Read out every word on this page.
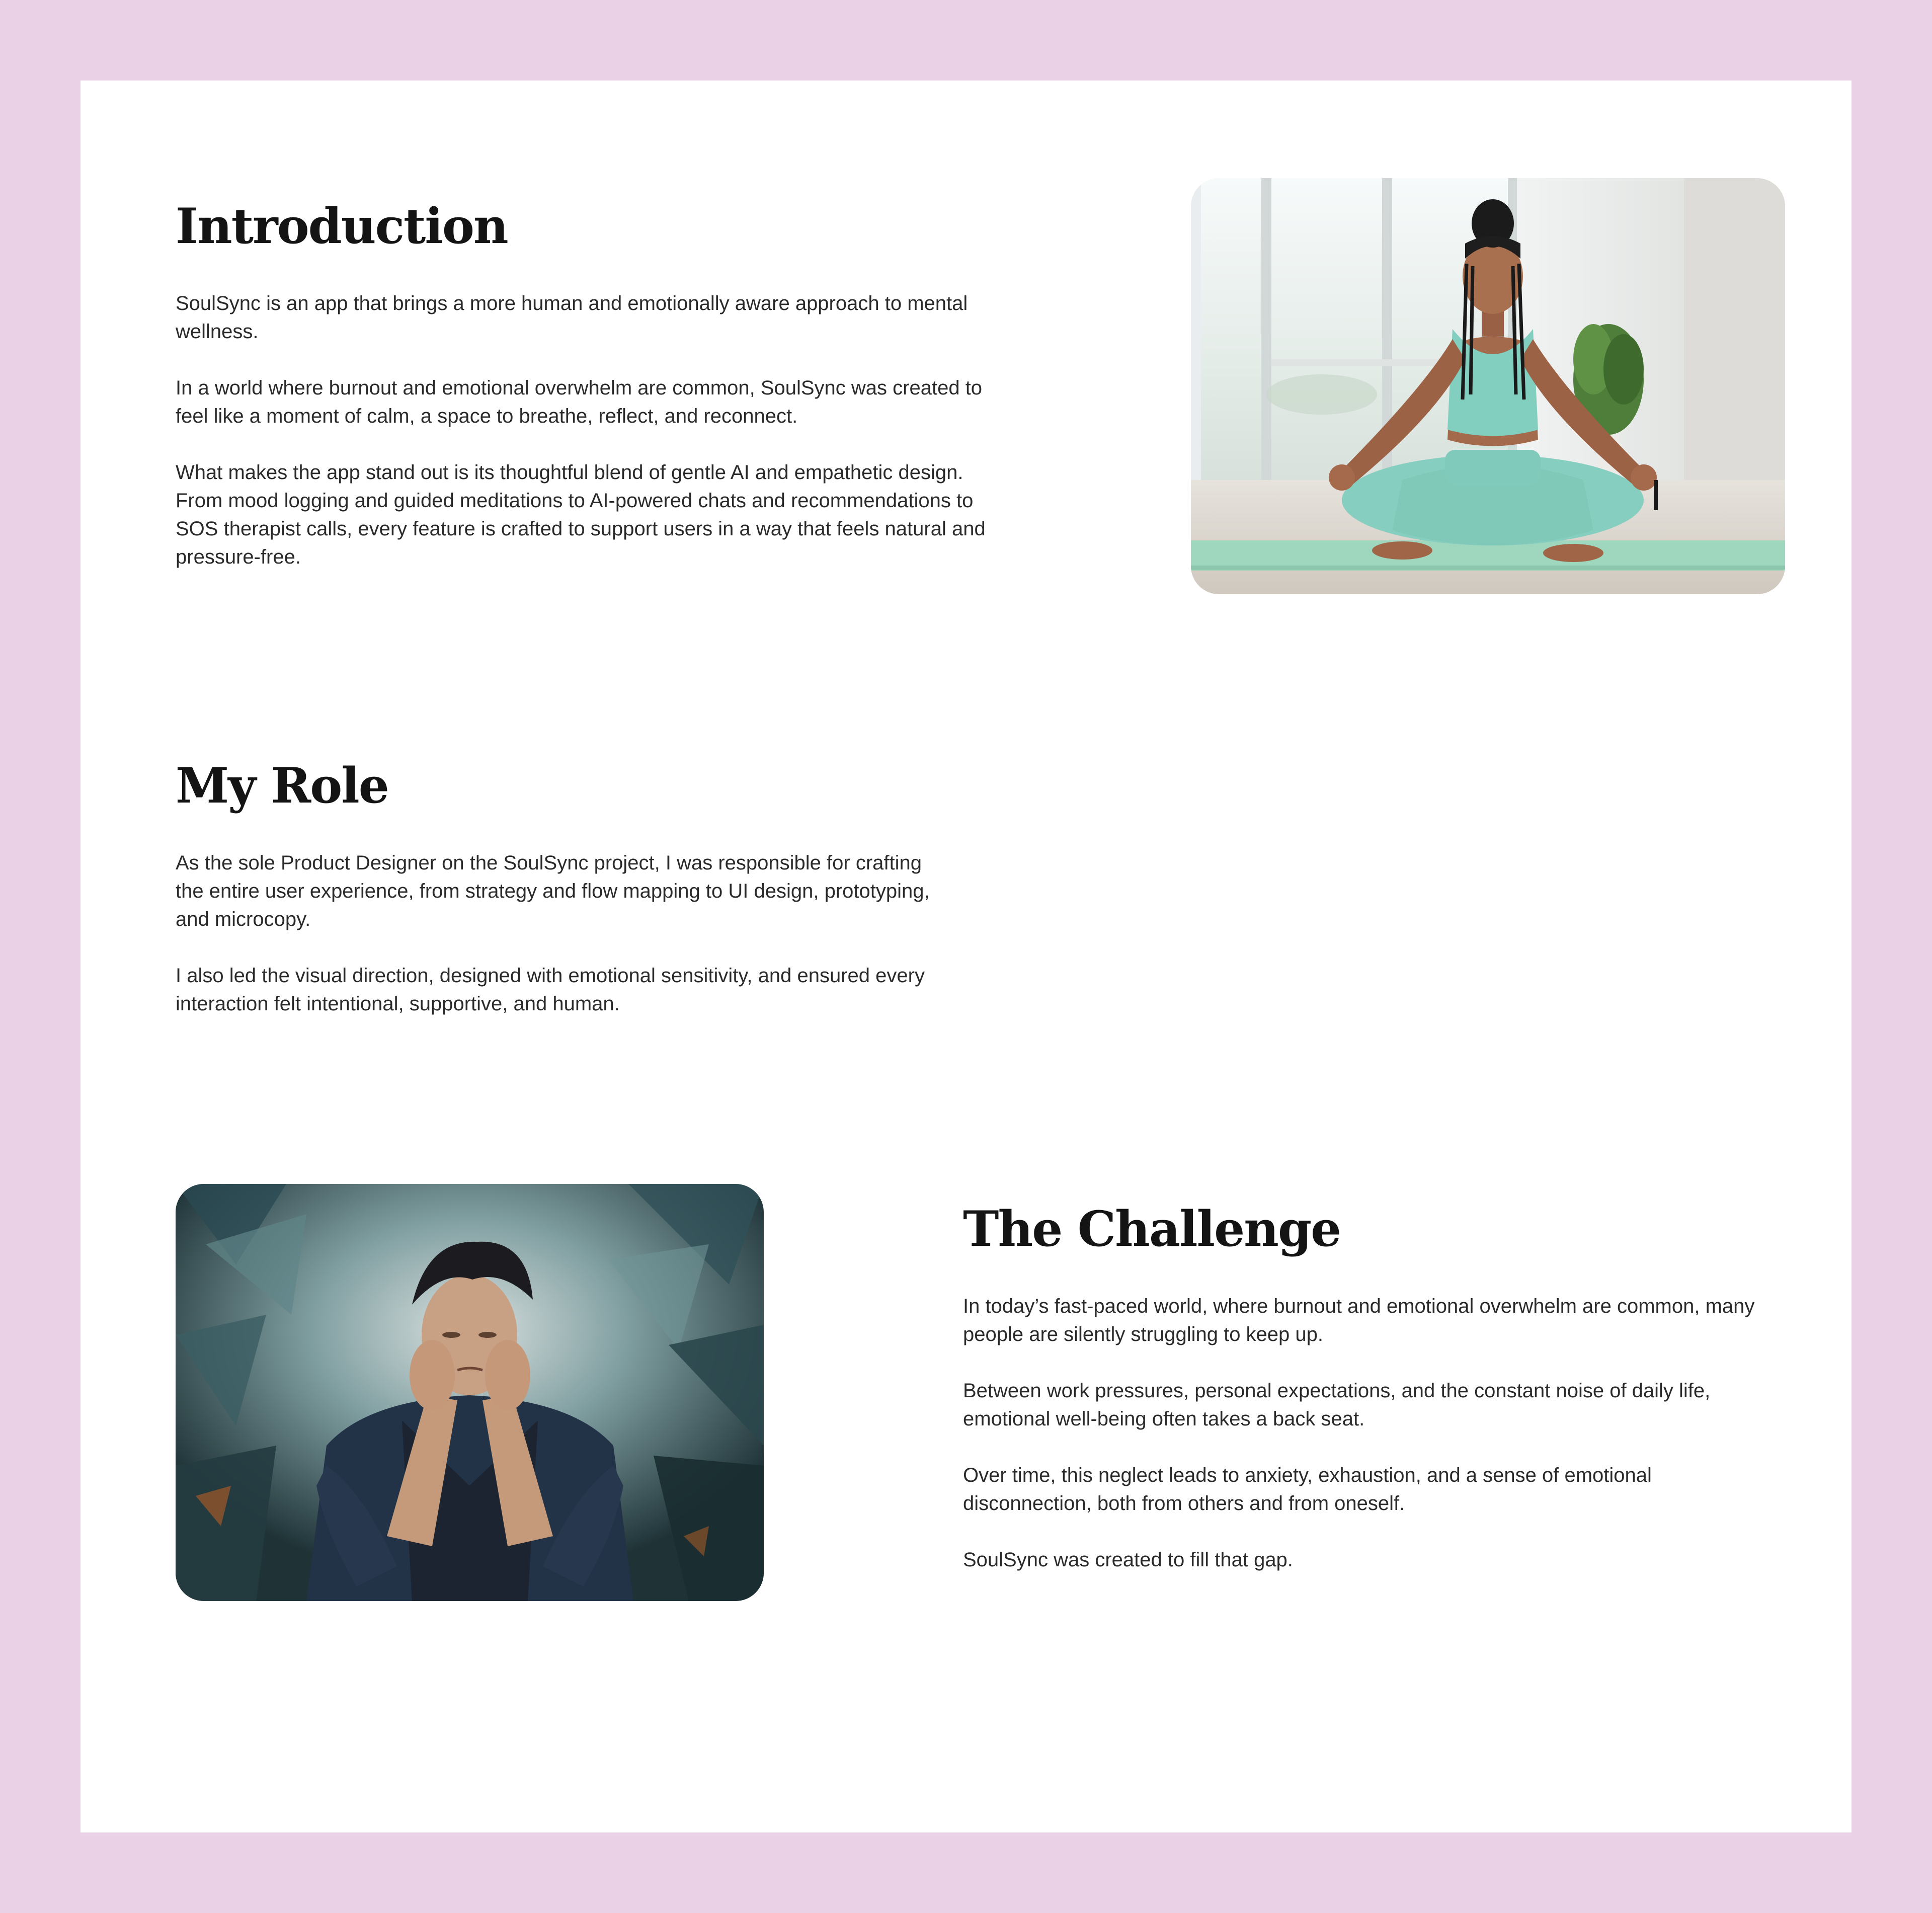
Introduction

SoulSync is an app that brings a more human and emotionally aware approach to mental wellness.

In a world where burnout and emotional overwhelm are common, SoulSync was created to feel like a moment of calm, a space to breathe, reflect, and reconnect.

What makes the app stand out is its thoughtful blend of gentle AI and empathetic design. From mood logging and guided meditations to AI-powered chats and recommendations to SOS therapist calls, every feature is crafted to support users in a way that feels natural and pressure-free.

My Role

As the sole Product Designer on the SoulSync project, I was responsible for crafting the entire user experience, from strategy and flow mapping to UI design, prototyping, and microcopy.

I also led the visual direction, designed with emotional sensitivity, and ensured every interaction felt intentional, supportive, and human.

The Challenge

In today’s fast-paced world, where burnout and emotional overwhelm are common, many people are silently struggling to keep up.

Between work pressures, personal expectations, and the constant noise of daily life, emotional well-being often takes a back seat.

Over time, this neglect leads to anxiety, exhaustion, and a sense of emotional disconnection, both from others and from oneself.

SoulSync was created to fill that gap.
